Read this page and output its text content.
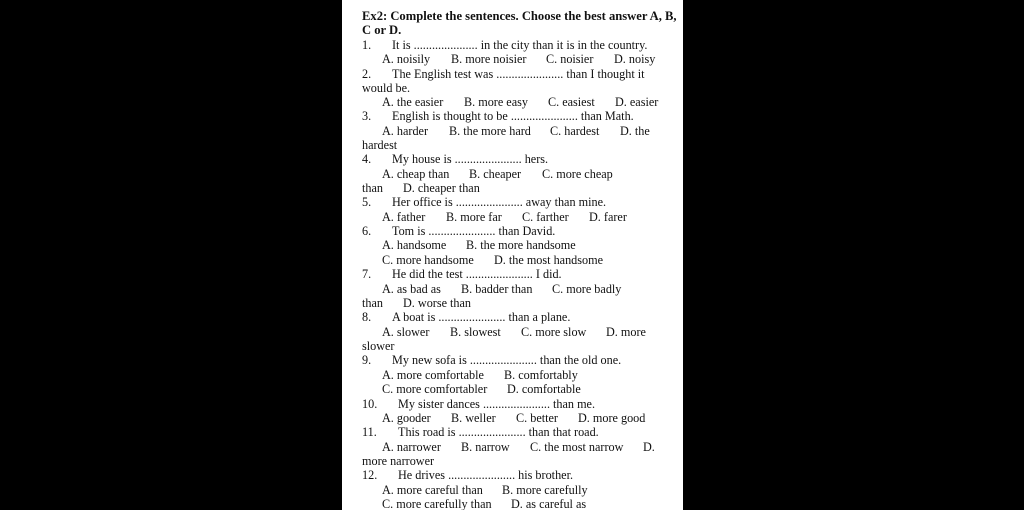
Ex2: Complete the sentences. Choose the best answer A, B,
C or D.
1. It is ..................... in the city than it is in the country.
A. noisily B. more noisier C. noisier D. noisy
2. The English test was ...................... than I thought it
would be.
A. the easier B. more easy C. easiest D. easier
3. English is thought to be ...................... than Math.
A. harder B. the more hard C. hardest D. the
hardest
4. My house is ...................... hers.
A. cheap than B. cheaper C. more cheap
than D. cheaper than
5. Her office is ...................... away than mine.
A. father B. more far C. farther D. farer
6. Tom is ...................... than David.
A. handsome B. the more handsome
C. more handsome D. the most handsome
7. He did the test ...................... I did.
A. as bad as B. badder than C. more badly
than D. worse than
8. A boat is ...................... than a plane.
A. slower B. slowest C. more slow D. more
slower
9. My new sofa is ...................... than the old one.
A. more comfortable B. comfortably
C. more comfortabler D. comfortable
10. My sister dances ...................... than me.
A. gooder B. weller C. better D. more good
11. This road is ...................... than that road.
A. narrower B. narrow C. the most narrow D.
more narrower
12. He drives ...................... his brother.
A. more careful than B. more carefully
C. more carefully than D. as careful as
